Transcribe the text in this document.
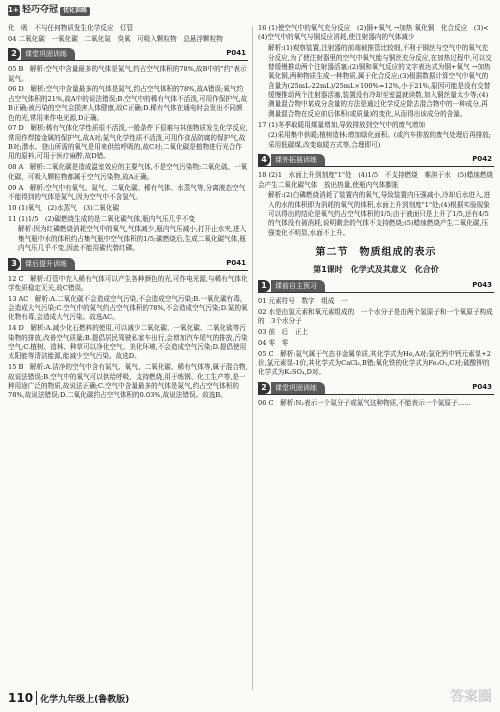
1+1轻巧夺冠 优化训练

化　吸　不与任何物质发生化学反应　灯管

04 二氧化碳　一氧化碳　二氧化氮　臭氧　可吸入颗粒物　总悬浮颗粒物

2	课堂巩固训练	P041

05 B　解析:空气中含量最多的气体是氮气,约占空气体积的78%,故B中的"约"表示氮气。

06 D　解析:空气中含量最多的气体是氮气,约占空气体积的78%,故A错误;氧气约占空气体积的21%,故A中的说法错误;B.空气中的稀有气体不活泼,可用作保护气,故B正确;被污染的空气会损害人体健康,故C正确;D.稀有气体在通电时会发出不同颜色的光,常用来作电光源,D正确。

07 D　解析:稀有气体化学性质很不活泼,一般条件下很难与其他物质发生化学反应,常用作焊接金属的保护气,故A对;氮气化学性质不活泼,可用作食品防腐的保护气,故B对;潜水、登山所需的氧气是用来供给呼吸的,故C对;二氧化碳是植物进行光合作用的原料,可用于医疗麻醉,故D错。

08 A　解析:二氧化碳是造成温室效应的主要气体,不是空气污染物;二氧化硫、一氧化碳、可吸入颗粒物都属于空气污染物,故A正确。

09 A　解析:空气中有氧气、氮气、二氧化碳、稀有气体、水蒸气等,分离液态空气不能得到的气体是氮气,因为空气中不含氢气。

10 (1)氧气　(2)水蒸气　(3)二氧化碳

11 (1)1/5　(2)碳燃烧生成的是二氧化碳气体,瓶内气压几乎不变

解析:因为红磷燃烧消耗空气中的氧气,气体减少,瓶内气压减小,打开止水夹,进入集气瓶中水的体积约占集气瓶中空气体积的1/5;碳燃烧后,生成二氧化碳气体,瓶内气压几乎不变,因此不能用碳代替红磷。

3	课后提升训练	P041

12 C　解析:灯管中充入稀有气体可以产生各种颜色的光,可作电光源,与稀有气体化学性质稳定无关,故C错误。

13 AC　解析:A.二氧化碳不会造成空气污染,不会造成空气污染;B.一氧化碳有毒,会造成大气污染;C.空气中的氮气约占空气体积的78%,不会造成空气污染;D.氮的氧化物有毒,会造成大气污染。故选AC。

14 D　解析:A.减少化石燃料的使用,可以减少二氧化碳、一氧化碳、二氧化硫等污染物的排放,改善空气质量;B.提倡居民驾驶私家车出行,会增加汽车尾气的排放,污染空气;C.植树、造林、种草可以净化空气、美化环境,不会造成空气污染;D.提倡使用太阳能等清洁能源,能减少空气污染。故选D。

15 B　解析:A.洁净的空气中含有氮气、氧气、二氧化碳、稀有气体等,属于混合物,故说法错误;B.空气中的氧气可以供给呼吸、支持燃烧,用于炼钢、化工生产等,是一种用途广泛的物质,故说法正确;C.空气中含量最多的气体是氮气,约占空气体积的78%,故说法错误;D.二氧化碳约占空气体积的0.03%,故说法错误。故选B。

16 (1)使空气中的氧气充分反应　(2)铜+氧气 →加热 氧化铜　化合反应　(3)<　(4)空气中的氧气与铜反应消耗,使注射器内的气体减少

解析:(1)观察装置,注射器的前端被推管比较细,不利于铜丝与空气中的氧气充分反应,为了使注射器里的空气中氧气能与铜丝充分反应,在加热过程中,可以交替缓慢推动两个注射器活塞;(2)铜和氧气反应的文字表达式为铜+氧气 →加热 氧化铜,两种物质生成一种物质,属于化合反应;(3)根据数据计算空气中氧气的含量为(25mL-22mL)/25mL×100%=12%,小于21%,原因可能是没有交替缓慢推动两个注射器活塞,装置没有冷却至室温就读数,加入铜丝量太少等;(4)测量混合物中某成分含量的方法是通过化学反应除去混合物中的一种成分,再测量混合物在反应前后体积(或质量)的变化,从而得出该成分的含量。

17 (1)冬季取暖用煤量增加,导致排放到空气中的废气增加

(2)采用集中供暖;植树造林;增加绿化面积。(或汽车排放的废气处理后再排放;采用低碳煤,改变取暖方式等,合理即可)

4	课外拓展训练	P042

18 (2)1　水面上升到刻度"1"处　(4)1/5　不支持燃烧　难溶于水　(5)蜡烛燃烧会产生二氧化碳气体　放出热量,使瓶内气体膨胀

解析:(2)白磷燃烧消耗了装置内的氧气,导致装置内压强减小,冷却后水进入,进入的水的体积即为消耗的氧气的体积,水面上升到刻度"1"处;(4)根据实验现象可以得出的结论是氧气约占空气体积的1/5;由于液面只是上升了1/5,还有4/5的气体没有被消耗,说明剩余的气体不支持燃烧;(5)蜡烛燃烧产生二氧化碳,压强变化不明显,水面不上升。

第二节　物质组成的表示
第1课时　化学式及其意义　化合价
1	课前自主预习	P043

01 元素符号　数字　组成　一

02 水是由氢元素和氧元素组成的　一个水分子是由两个氢原子和一个氧原子构成的　3个水分子

03 前　后　正上

04 零　零

05 C　解析:氦气属于气态非金属单质,其化学式为He,A对;氯化钙中钙元素显+2价,氯元素显-1价,其化学式为CaCl₂,B错;氧化铁的化学式为Fe₂O₃,C对;硫酸钾的化学式为K₂SO₄,D对。

2	课堂巩固训练	P043

06 C　解析:N₂表示一个氮分子或氮气这种物质,不能表示一个氮原子……

110 化学九年级上(鲁教版)	答案圈
